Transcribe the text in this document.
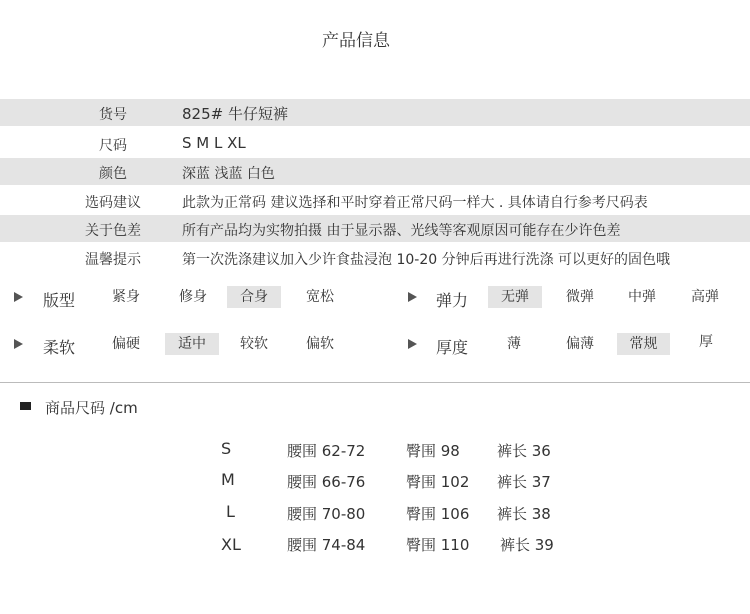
产品信息
货号	825# 牛仔短裤
尺码	S M L XL
颜色	深蓝 浅蓝 白色
选码建议	此款为正常码 建议选择和平时穿着正常尺码一样大 . 具体请自行参考尺码表
关于色差	所有产品均为实物拍摄 由于显示器、光线等客观原因可能存在少许色差
温馨提示	第一次洗涤建议加入少许食盐浸泡 10-20 分钟后再进行洗涤 可以更好的固色哦
版型	紧身	修身	合身	宽松	弹力	无弹	微弹	中弹	高弹
柔软	偏硬	适中	较软	偏软	厚度	薄	偏薄	常规	厚
商品尺码 /cm
S	腰围 62-72	臀围 98 裤长 36
M	腰围 66-76	臀围 102 裤长 37
L	腰围 70-80	臀围 106 裤长 38
XL	腰围 74-84	臀围 110 裤长 39
